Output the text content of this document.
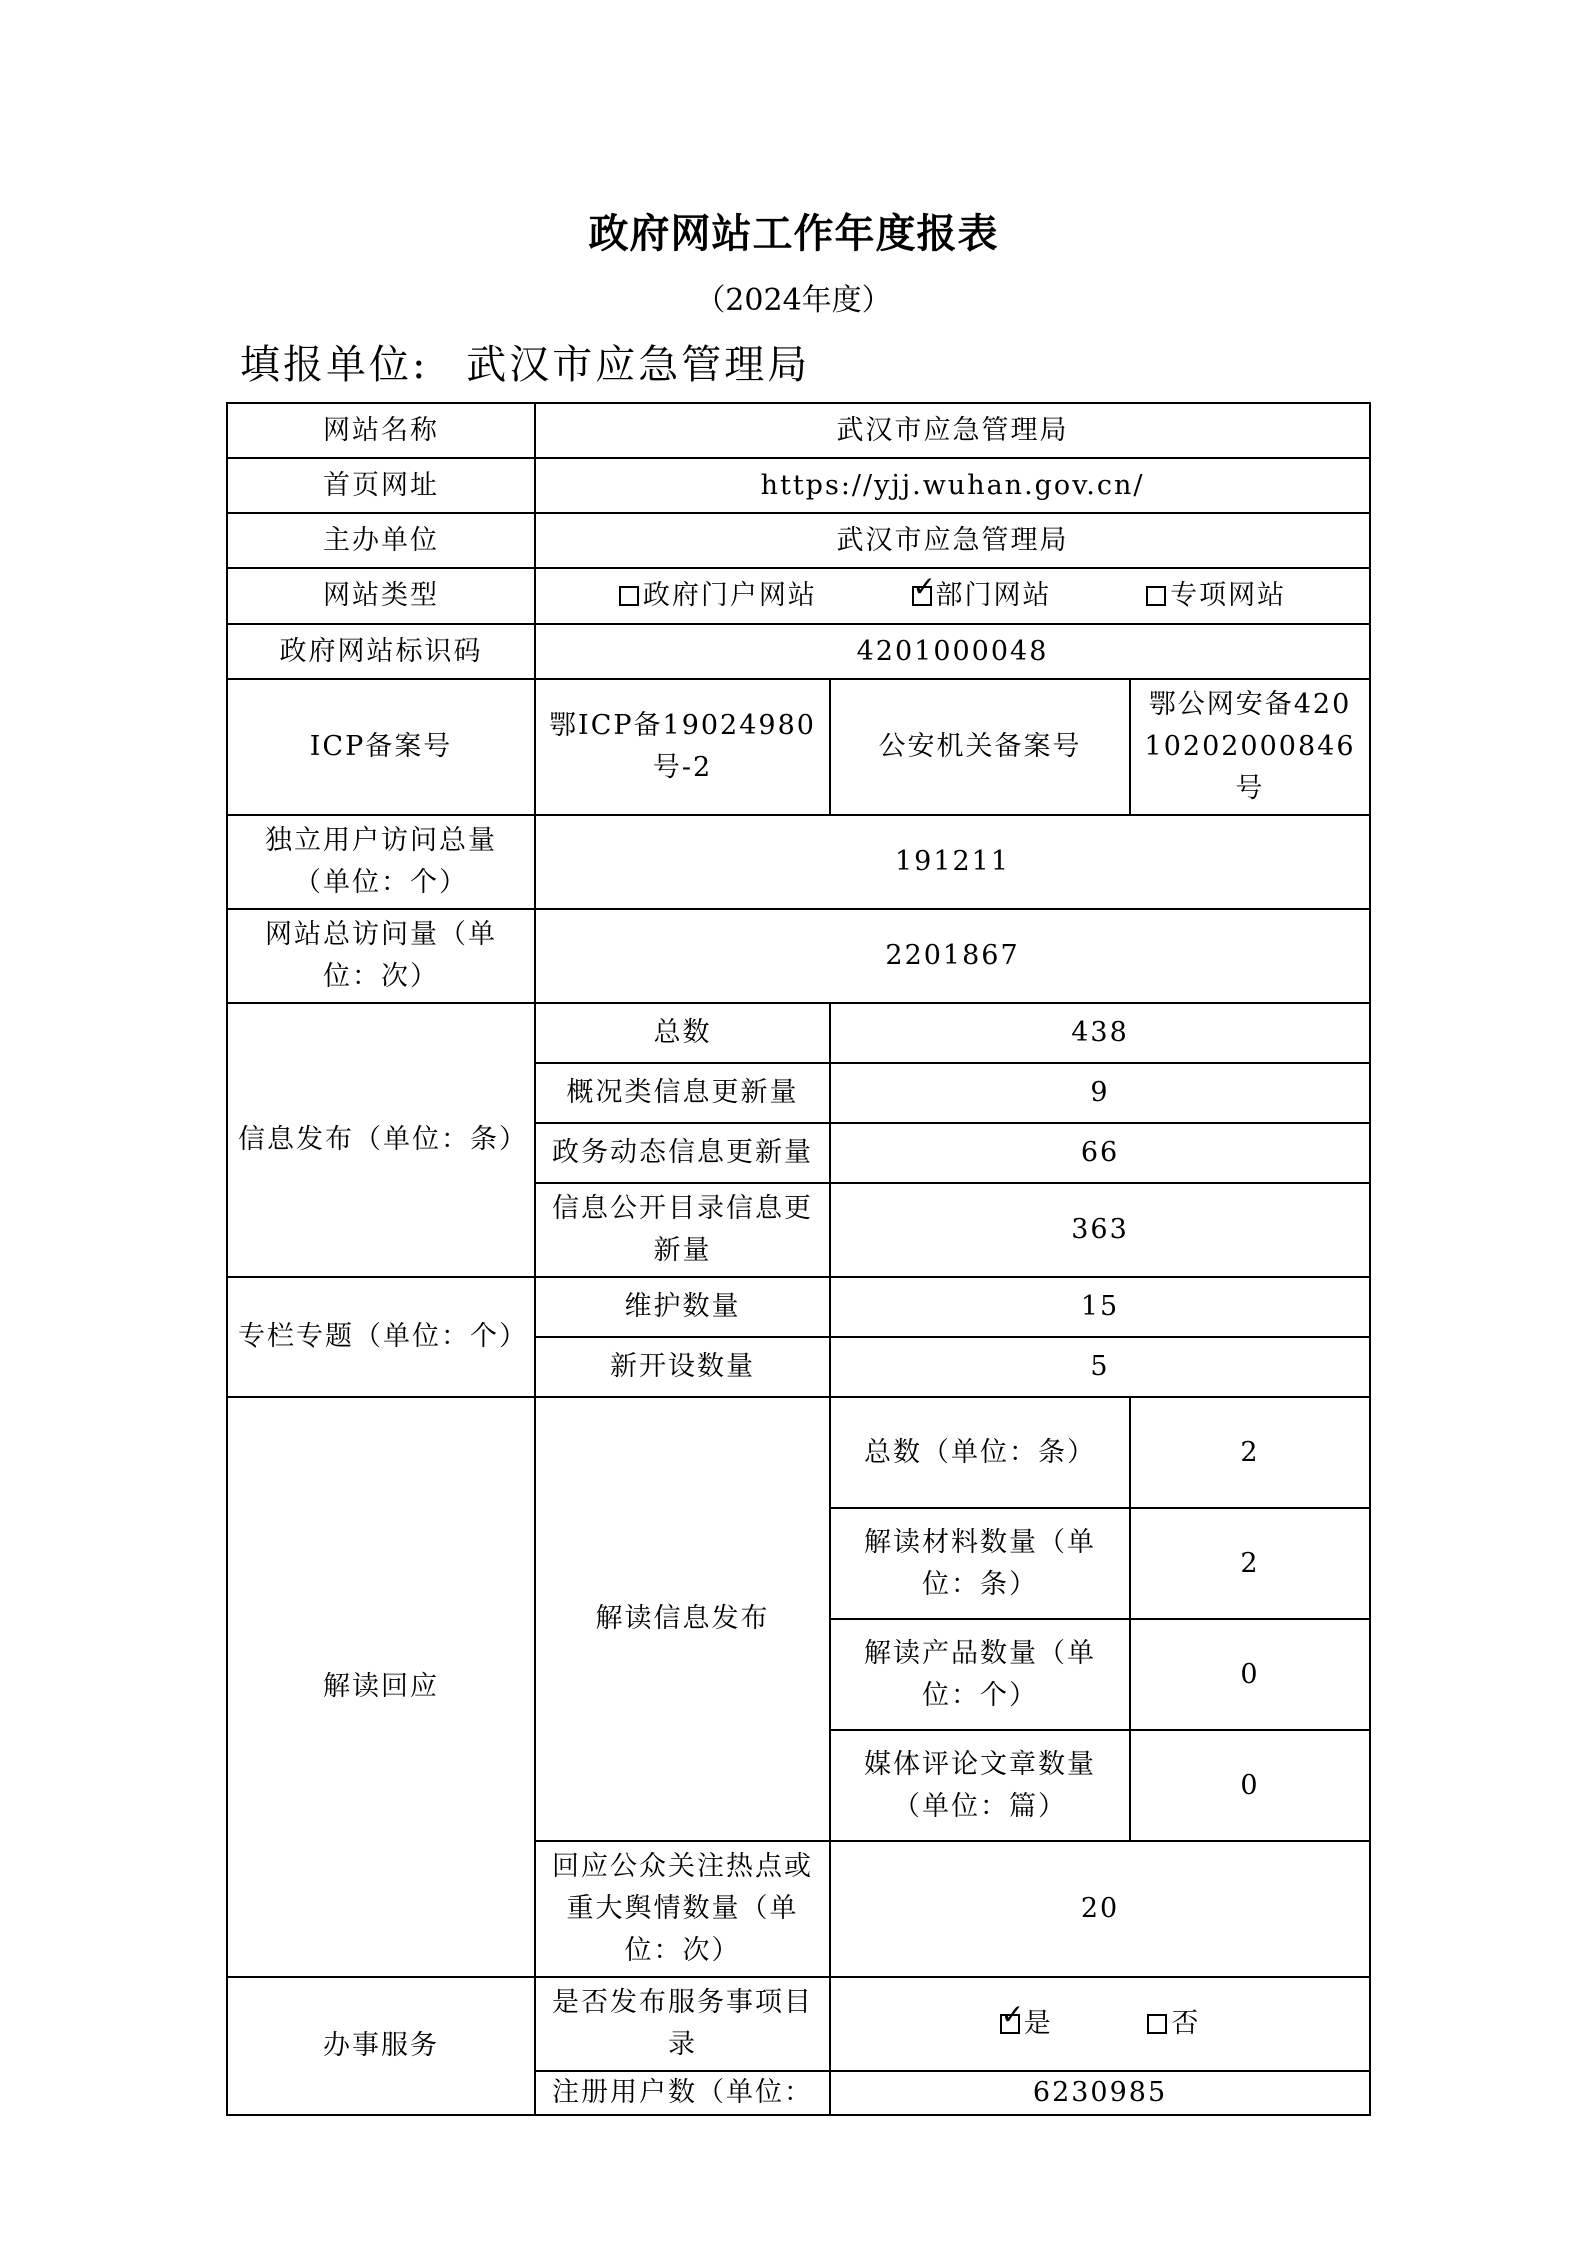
政府网站工作年度报表
（2024年度）
填报单位: 武汉市应急管理局
网站名称	武汉市应急管理局		
首页网址	https://yjj.wuhan.gov.cn/		
主办单位	武汉市应急管理局		
网站类型	政府门户网站 ✓ 部门网站 专项网站
政府网站标识码	4201000048		
ICP备案号	鄂ICP备19024980号-2	公安机关备案号	鄂公网安备42010202000846号
独立用户访问总量（单位：个）	191211		
网站总访问量（单位：次）	2201867		
信息发布（单位：条）	总数	438	
	概况类信息更新量	9	
	政务动态信息更新量	66	
	信息公开目录信息更新量	363	
专栏专题（单位：个）	维护数量	15	
	新开设数量	5	
解读回应	解读信息发布	总数（单位：条）	2
		解读材料数量（单位：条）	2
		解读产品数量（单位：个）	0
		媒体评论文章数量（单位：篇）	0
	回应公众关注热点或重大舆情数量（单位：次）	20	
办事服务	是否发布服务事项目录	✓是 否
	注册用户数（单位：	6230985	
